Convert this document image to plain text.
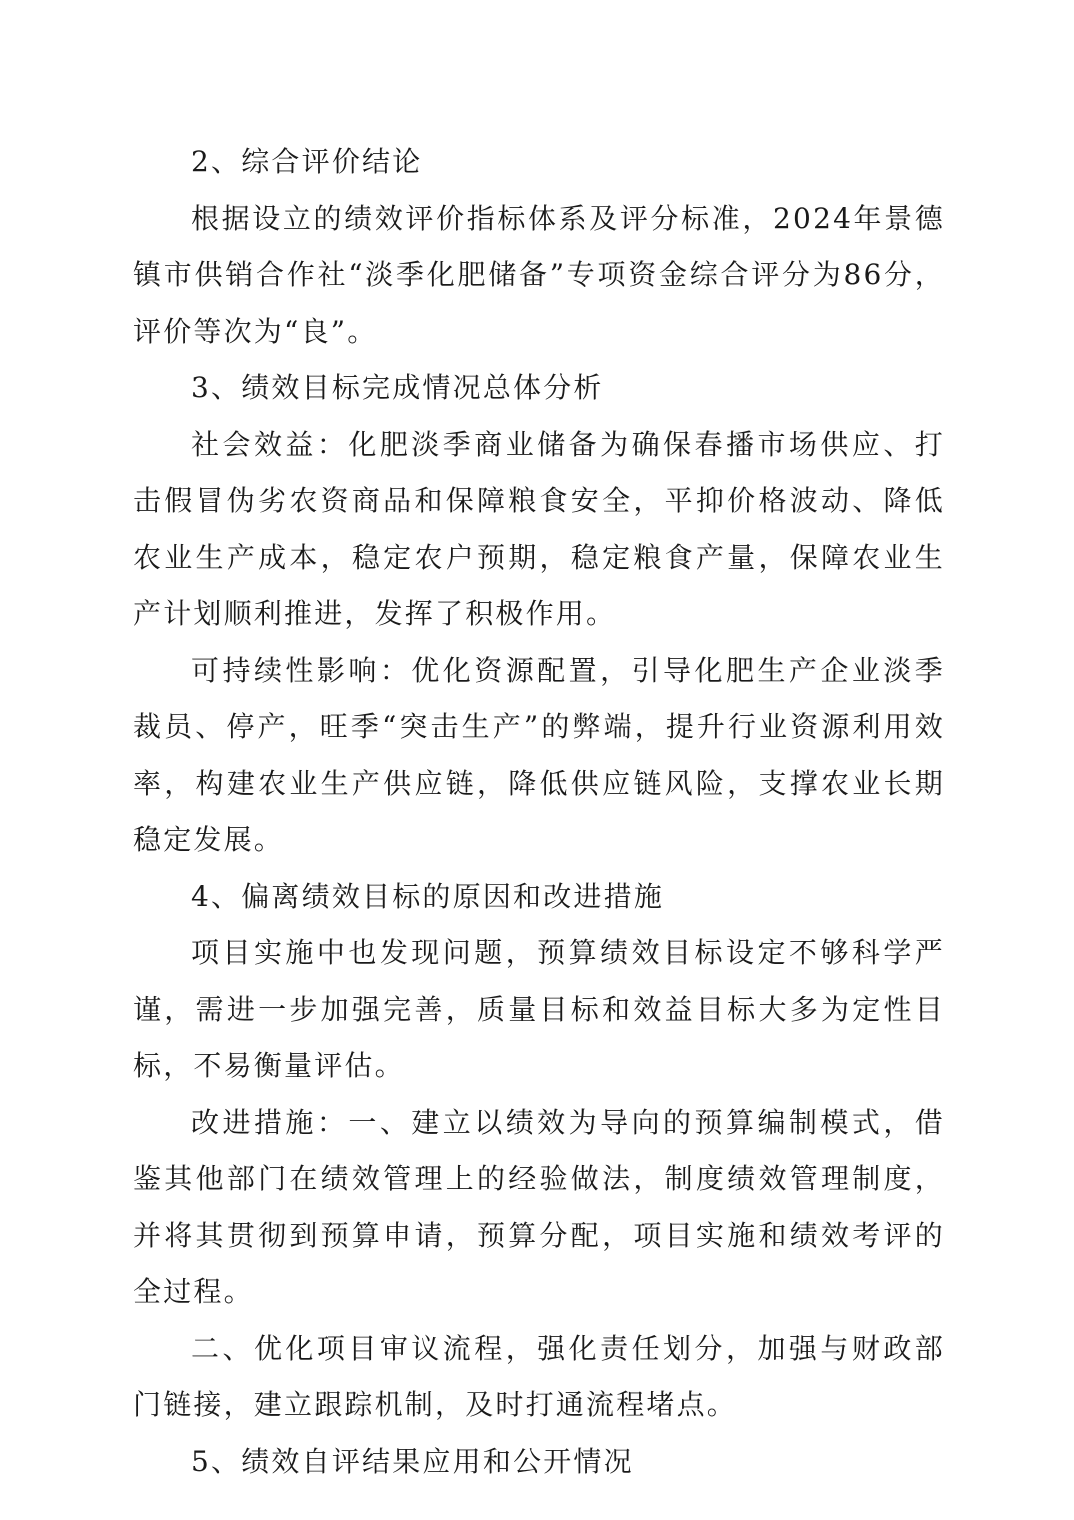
2、综合评价结论

根据设立的绩效评价指标体系及评分标准，2024年景德镇市供销合作社“淡季化肥储备”专项资金综合评分为86分，评价等次为“良”。

3、绩效目标完成情况总体分析

社会效益：化肥淡季商业储备为确保春播市场供应、打击假冒伪劣农资商品和保障粮食安全，平抑价格波动、降低农业生产成本，稳定农户预期，稳定粮食产量，保障农业生产计划顺利推进，发挥了积极作用。

可持续性影响：优化资源配置，引导化肥生产企业淡季裁员、停产，旺季“突击生产”的弊端，提升行业资源利用效率，构建农业生产供应链，降低供应链风险，支撑农业长期稳定发展。

4、偏离绩效目标的原因和改进措施

项目实施中也发现问题，预算绩效目标设定不够科学严谨，需进一步加强完善，质量目标和效益目标大多为定性目标，不易衡量评估。

改进措施：一、建立以绩效为导向的预算编制模式，借鉴其他部门在绩效管理上的经验做法，制度绩效管理制度，并将其贯彻到预算申请，预算分配，项目实施和绩效考评的全过程。

二、优化项目审议流程，强化责任划分，加强与财政部门链接，建立跟踪机制，及时打通流程堵点。

5、绩效自评结果应用和公开情况
